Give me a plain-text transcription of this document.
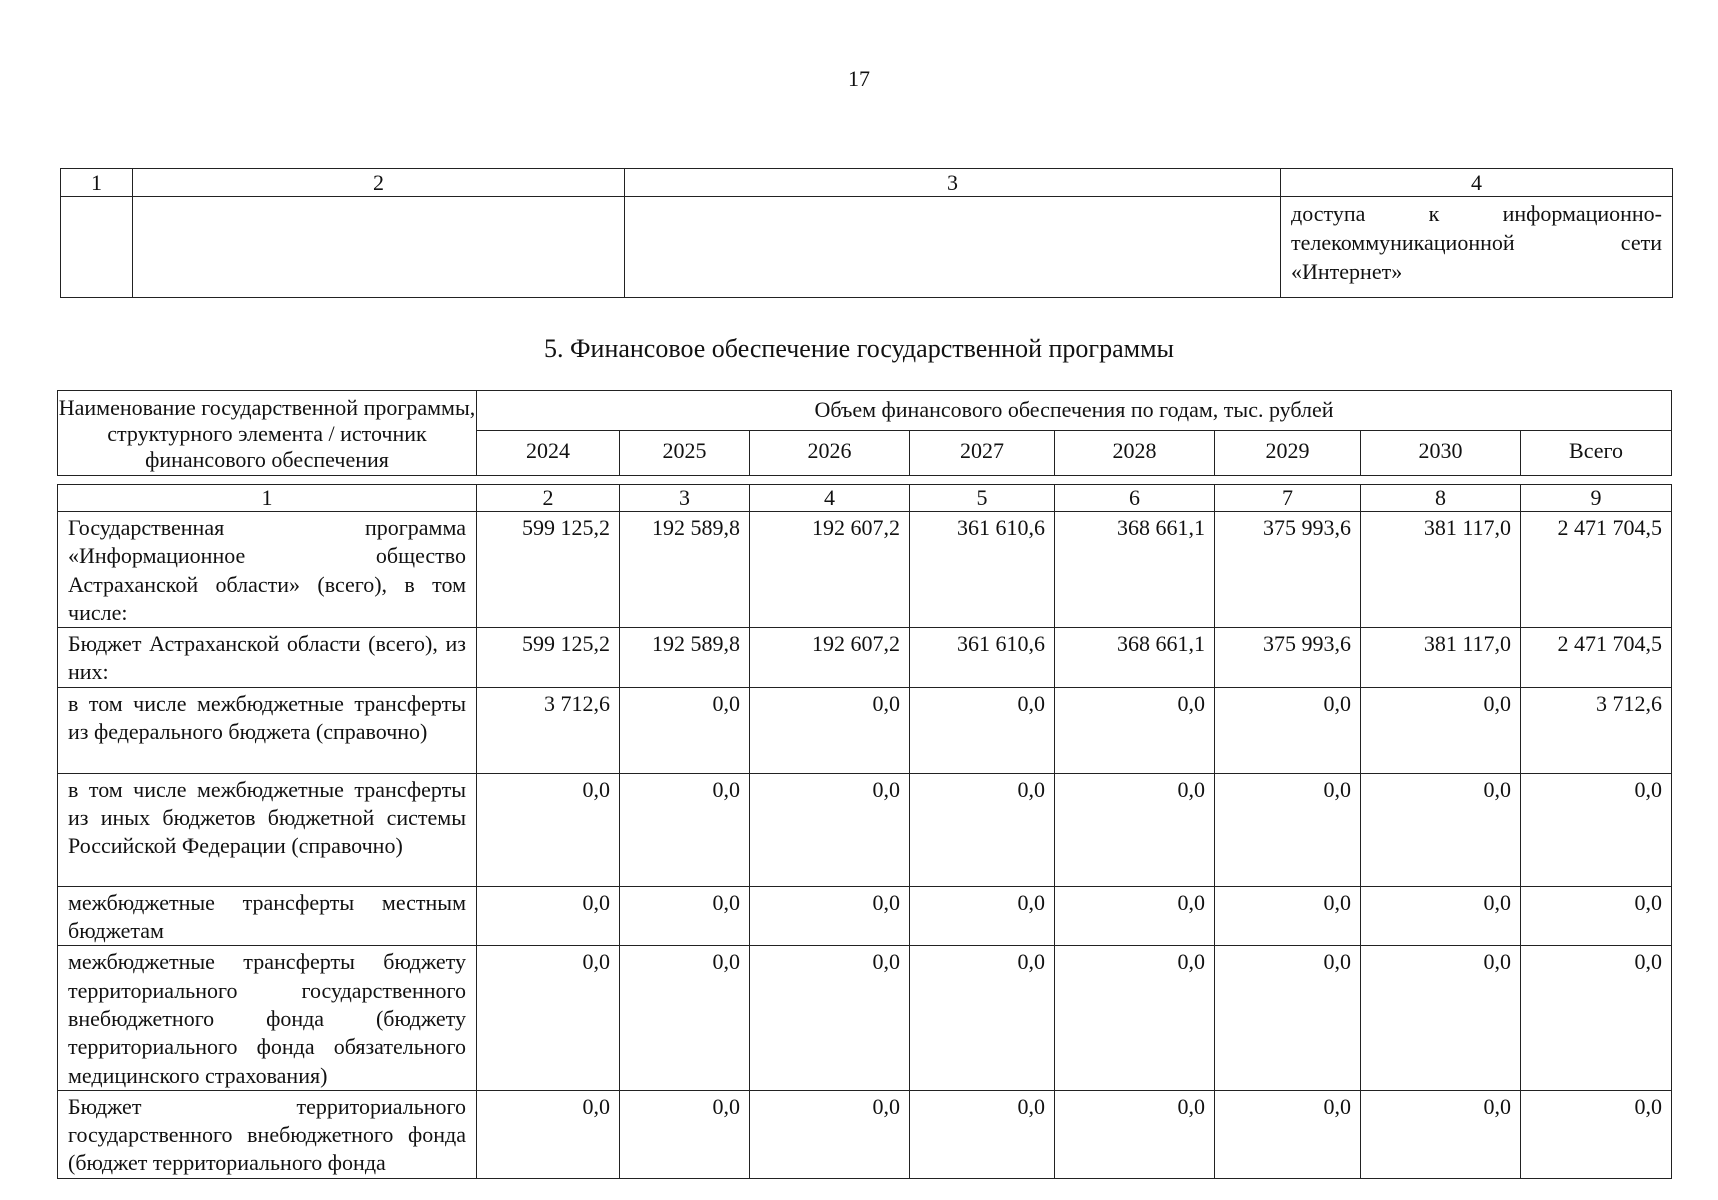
17
1	2	3	4

			доступа к информационно-телекоммуникационной сети «Интернет»
5. Финансовое обеспечение государственной программы
Наименование государственной программы, структурного элемента / источник финансового обеспечения	Объем финансового обеспечения по годам, тыс. рублей							
	2024	2025	2026	2027	2028	2029	2030	Всего
1	2	3	4	5	6	7	8	9
Государственная программа «Информационное общество Астраханской области» (всего), в том числе:	599 125,2	192 589,8	192 607,2	361 610,6	368 661,1	375 993,6	381 117,0	2 471 704,5
Бюджет Астраханской области (всего), из них:	599 125,2	192 589,8	192 607,2	361 610,6	368 661,1	375 993,6	381 117,0	2 471 704,5
в том числе межбюджетные трансферты из федерального бюджета (справочно)	3 712,6	0,0	0,0	0,0	0,0	0,0	0,0	3 712,6
в том числе межбюджетные трансферты из иных бюджетов бюджетной системы Российской Федерации (справочно)	0,0	0,0	0,0	0,0	0,0	0,0	0,0	0,0
межбюджетные трансферты местным бюджетам	0,0	0,0	0,0	0,0	0,0	0,0	0,0	0,0
межбюджетные трансферты бюджету территориального государственного внебюджетного фонда (бюджету территориального фонда обязательного медицинского страхования)	0,0	0,0	0,0	0,0	0,0	0,0	0,0	0,0
Бюджет территориального государственного внебюджетного фонда (бюджет территориального фонда	0,0	0,0	0,0	0,0	0,0	0,0	0,0	0,0
